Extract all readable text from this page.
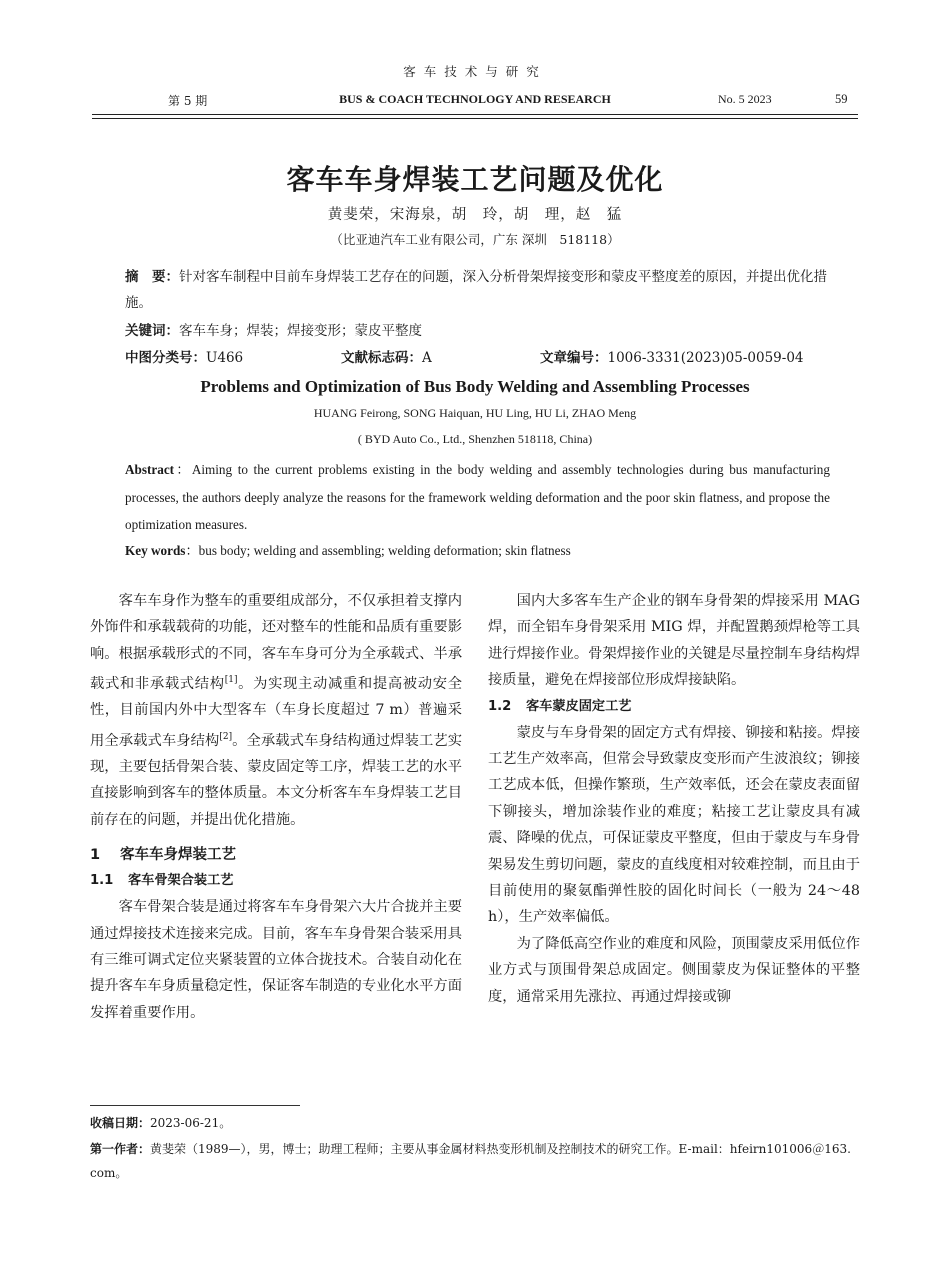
客车技术与研究
第 5 期	BUS & COACH TECHNOLOGY AND RESEARCH	No. 5 2023	59
客车车身焊装工艺问题及优化
黄斐荣，宋海泉，胡　玲，胡　理，赵　猛
（比亚迪汽车工业有限公司，广东 深圳　518118）
摘　要：针对客车制程中目前车身焊装工艺存在的问题，深入分析骨架焊接变形和蒙皮平整度差的原因，并提出优化措施。
关键词：客车车身；焊装；焊接变形；蒙皮平整度
中图分类号：U466	文献标志码：A	文章编号：1006-3331(2023)05-0059-04
Problems and Optimization of Bus Body Welding and Assembling Processes
HUANG Feirong, SONG Haiquan, HU Ling, HU Li, ZHAO Meng
( BYD Auto Co., Ltd., Shenzhen 518118, China)
Abstract：Aiming to the current problems existing in the body welding and assembly technologies during bus manufacturing processes, the authors deeply analyze the reasons for the framework welding deformation and the poor skin flatness, and propose the optimization measures.
Key words：bus body; welding and assembling; welding deformation; skin flatness

客车车身作为整车的重要组成部分，不仅承担着支撑内外饰件和承载载荷的功能，还对整车的性能和品质有重要影响。根据承载形式的不同，客车车身可分为全承载式、半承载式和非承载式结构[1]。为实现主动减重和提高被动安全性，目前国内外中大型客车（车身长度超过 7 m）普遍采用全承载式车身结构[2]。全承载式车身结构通过焊装工艺实现，主要包括骨架合装、蒙皮固定等工序，焊装工艺的水平直接影响到客车的整体质量。本文分析客车车身焊装工艺目前存在的问题，并提出优化措施。

1 客车车身焊装工艺
1.1 客车骨架合装工艺

客车骨架合装是通过将客车车身骨架六大片合拢并主要通过焊接技术连接来完成。目前，客车车身骨架合装采用具有三维可调式定位夹紧装置的立体合拢技术。合装自动化在提升客车车身质量稳定性，保证客车制造的专业化水平方面发挥着重要作用。

国内大多客车生产企业的钢车身骨架的焊接采用 MAG 焊，而全铝车身骨架采用 MIG 焊，并配置鹅颈焊枪等工具进行焊接作业。骨架焊接作业的关键是尽量控制车身结构焊接质量，避免在焊接部位形成焊接缺陷。

1.2 客车蒙皮固定工艺

蒙皮与车身骨架的固定方式有焊接、铆接和粘接。焊接工艺生产效率高，但常会导致蒙皮变形而产生波浪纹；铆接工艺成本低，但操作繁琐，生产效率低，还会在蒙皮表面留下铆接头，增加涂装作业的难度；粘接工艺让蒙皮具有减震、降噪的优点，可保证蒙皮平整度，但由于蒙皮与车身骨架易发生剪切问题，蒙皮的直线度相对较难控制，而且由于目前使用的聚氨酯弹性胶的固化时间长（一般为 24～48 h），生产效率偏低。

为了降低高空作业的难度和风险，顶围蒙皮采用低位作业方式与顶围骨架总成固定。侧围蒙皮为保证整体的平整度，通常采用先涨拉、再通过焊接或铆

收稿日期：2023-06-21。
第一作者：黄斐荣（1989—），男，博士；助理工程师；主要从事金属材料热变形机制及控制技术的研究工作。E-mail：hfeirn101006＠163. com。
